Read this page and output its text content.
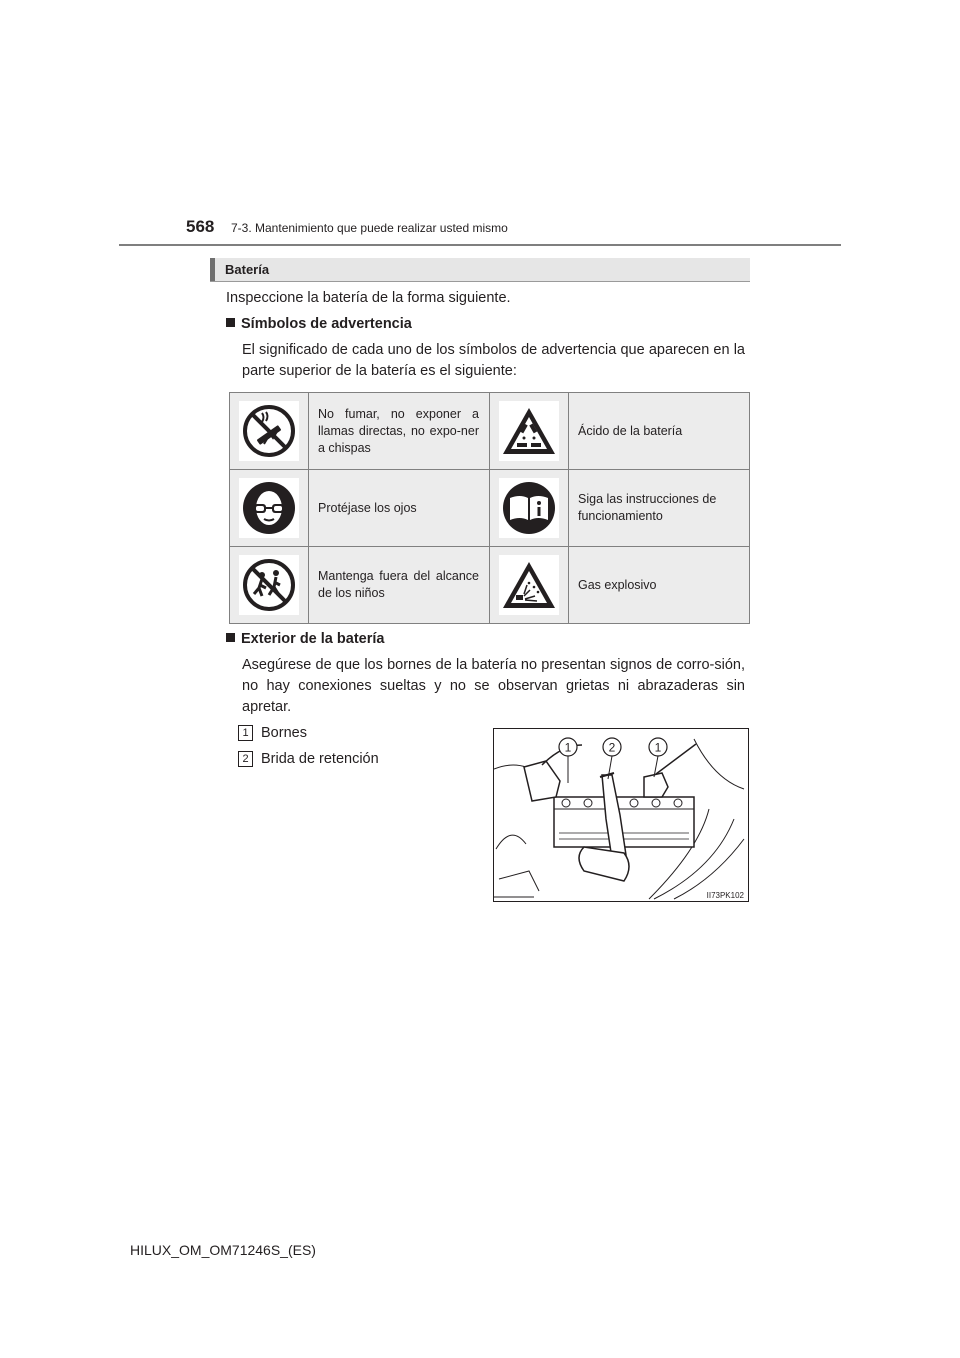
568 7-3. Mantenimiento que puede realizar usted mismo
Batería
Inspeccione la batería de la forma siguiente.
Símbolos de advertencia
El significado de cada uno de los símbolos de advertencia que aparecen en la parte superior de la batería es el siguiente:
	No fumar, no exponer a llamas directas, no expo-ner a chispas		Ácido de la batería

	Protéjase los ojos		Siga las instrucciones de funcionamiento

	Mantenga fuera del alcance de los niños		Gas explosivo
Exterior de la batería
Asegúrese de que los bornes de la batería no presentan signos de corro-sión, no hay conexiones sueltas y no se observan grietas ni abrazaderas sin apretar.
1 Bornes
2 Brida de retención
1	2	1
II73PK102
HILUX_OM_OM71246S_(ES)
